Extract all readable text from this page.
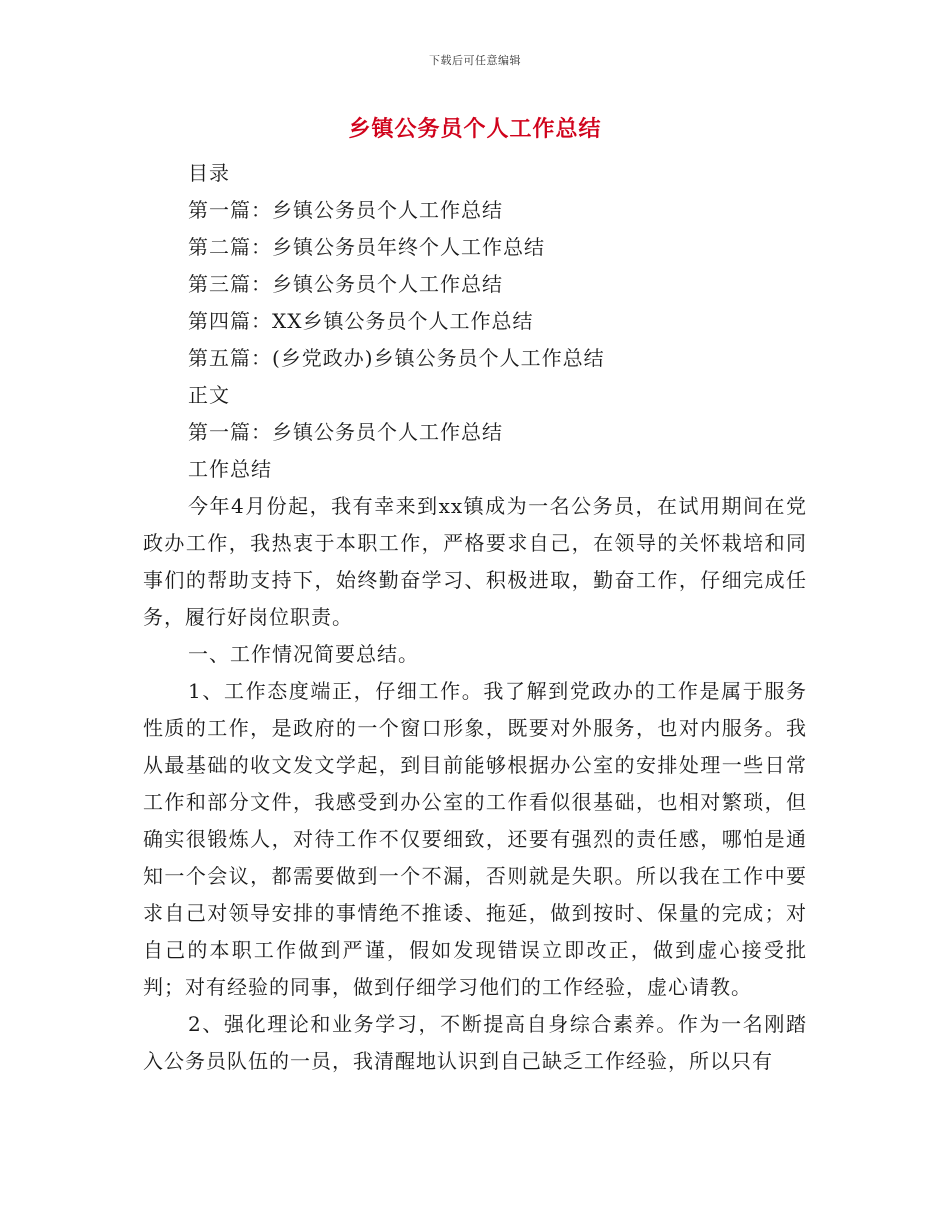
下载后可任意编辑
乡镇公务员个人工作总结
目录
第一篇：乡镇公务员个人工作总结
第二篇：乡镇公务员年终个人工作总结
第三篇：乡镇公务员个人工作总结
第四篇：XX乡镇公务员个人工作总结
第五篇：(乡党政办)乡镇公务员个人工作总结
正文
第一篇：乡镇公务员个人工作总结
工作总结

今年4月份起，我有幸来到xx镇成为一名公务员，在试用期间在党政办工作，我热衷于本职工作，严格要求自己，在领导的关怀栽培和同事们的帮助支持下，始终勤奋学习、积极进取，勤奋工作，仔细完成任务，履行好岗位职责。

一、工作情况简要总结。

1、工作态度端正，仔细工作。我了解到党政办的工作是属于服务性质的工作，是政府的一个窗口形象，既要对外服务，也对内服务。我从最基础的收文发文学起，到目前能够根据办公室的安排处理一些日常工作和部分文件，我感受到办公室的工作看似很基础，也相对繁琐，但确实很锻炼人，对待工作不仅要细致，还要有强烈的责任感，哪怕是通知一个会议，都需要做到一个不漏，否则就是失职。所以我在工作中要求自己对领导安排的事情绝不推诿、拖延，做到按时、保量的完成；对自己的本职工作做到严谨，假如发现错误立即改正，做到虚心接受批判；对有经验的同事，做到仔细学习他们的工作经验，虚心请教。

2、强化理论和业务学习，不断提高自身综合素养。作为一名刚踏入公务员队伍的一员，我清醒地认识到自己缺乏工作经验，所以只有
